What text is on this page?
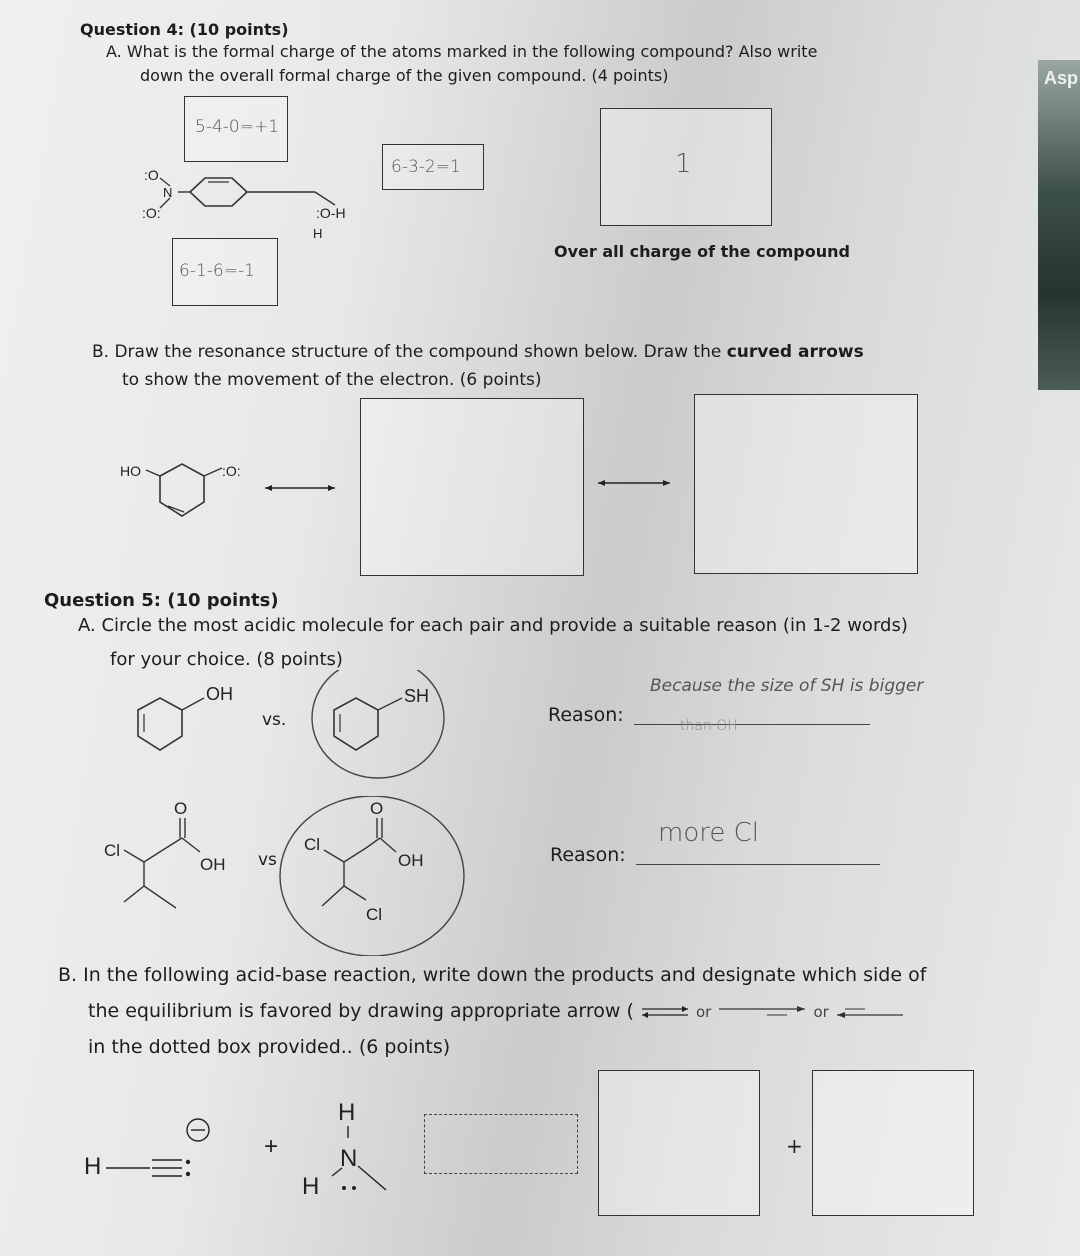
Asp
Question 4: (10 points)
A. What is the formal charge of the atoms marked in the following compound? Also write
down the overall formal charge of the given compound. (4 points)
5-4-0=+1
6-1-6=-1
6-3-2=1	1
Over all charge of the compound
N
:O
:O:	:O-H
H
B. Draw the resonance structure of the compound shown below. Draw the curved arrows
to show the movement of the electron. (6 points)
HO	:O:
Question 5: (10 points)
A. Circle the most acidic molecule for each pair and provide a suitable reason (in 1-2 words)
for your choice. (8 points)
OH	SH
vs.	Reason:
Because the size of SH is bigger
than OH
Cl
O
OH
Cl
O
OH
Cl
vs	Reason:
more Cl
B. In the following acid-base reaction, write down the products and designate which side of
the equilibrium is favored by drawing appropriate arrow ( ⇌ or	or
in the dotted box provided.. (6 points)
H
+
H
N
H
+
